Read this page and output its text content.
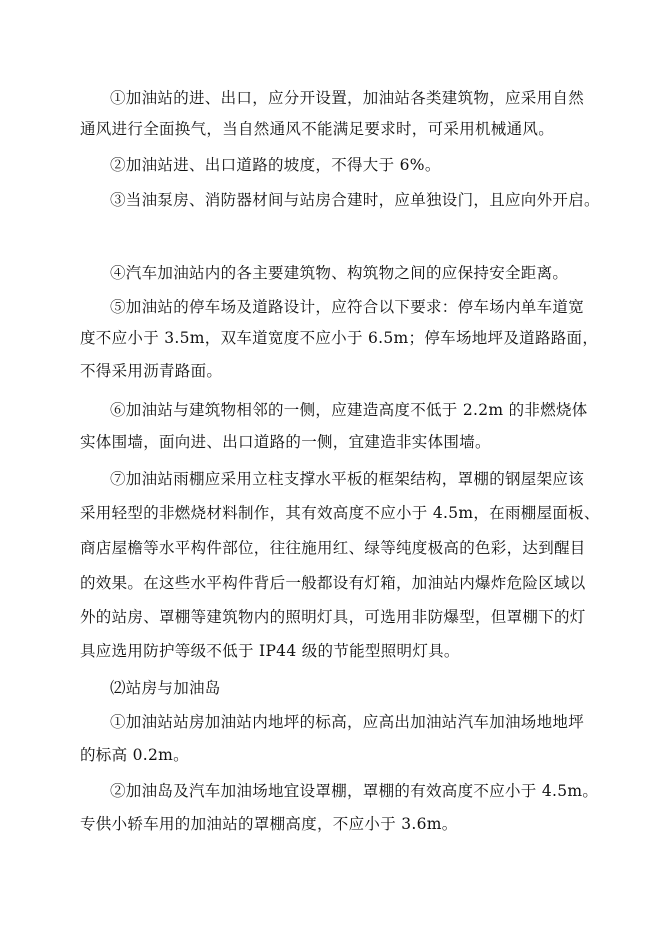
①加油站的进、出口，应分开设置，加油站各类建筑物，应采用自然
通风进行全面换气，当自然通风不能满足要求时，可采用机械通风。
②加油站进、出口道路的坡度，不得大于 6%。
③当油泵房、消防器材间与站房合建时，应单独设门，且应向外开启。
④汽车加油站内的各主要建筑物、构筑物之间的应保持安全距离。
⑤加油站的停车场及道路设计，应符合以下要求：停车场内单车道宽
度不应小于 3.5m，双车道宽度不应小于 6.5m；停车场地坪及道路路面，
不得采用沥青路面。
⑥加油站与建筑物相邻的一侧，应建造高度不低于 2.2m 的非燃烧体
实体围墙，面向进、出口道路的一侧，宜建造非实体围墙。
⑦加油站雨棚应采用立柱支撑水平板的框架结构，罩棚的钢屋架应该
采用轻型的非燃烧材料制作，其有效高度不应小于 4.5m，在雨棚屋面板、
商店屋檐等水平构件部位，往往施用红、绿等纯度极高的色彩，达到醒目
的效果。在这些水平构件背后一般都设有灯箱，加油站内爆炸危险区域以
外的站房、罩棚等建筑物内的照明灯具，可选用非防爆型，但罩棚下的灯
具应选用防护等级不低于 IP44 级的节能型照明灯具。
⑵站房与加油岛
①加油站站房加油站内地坪的标高，应高出加油站汽车加油场地地坪
的标高 0.2m。
②加油岛及汽车加油场地宜设罩棚，罩棚的有效高度不应小于 4.5m。
专供小轿车用的加油站的罩棚高度，不应小于 3.6m。
